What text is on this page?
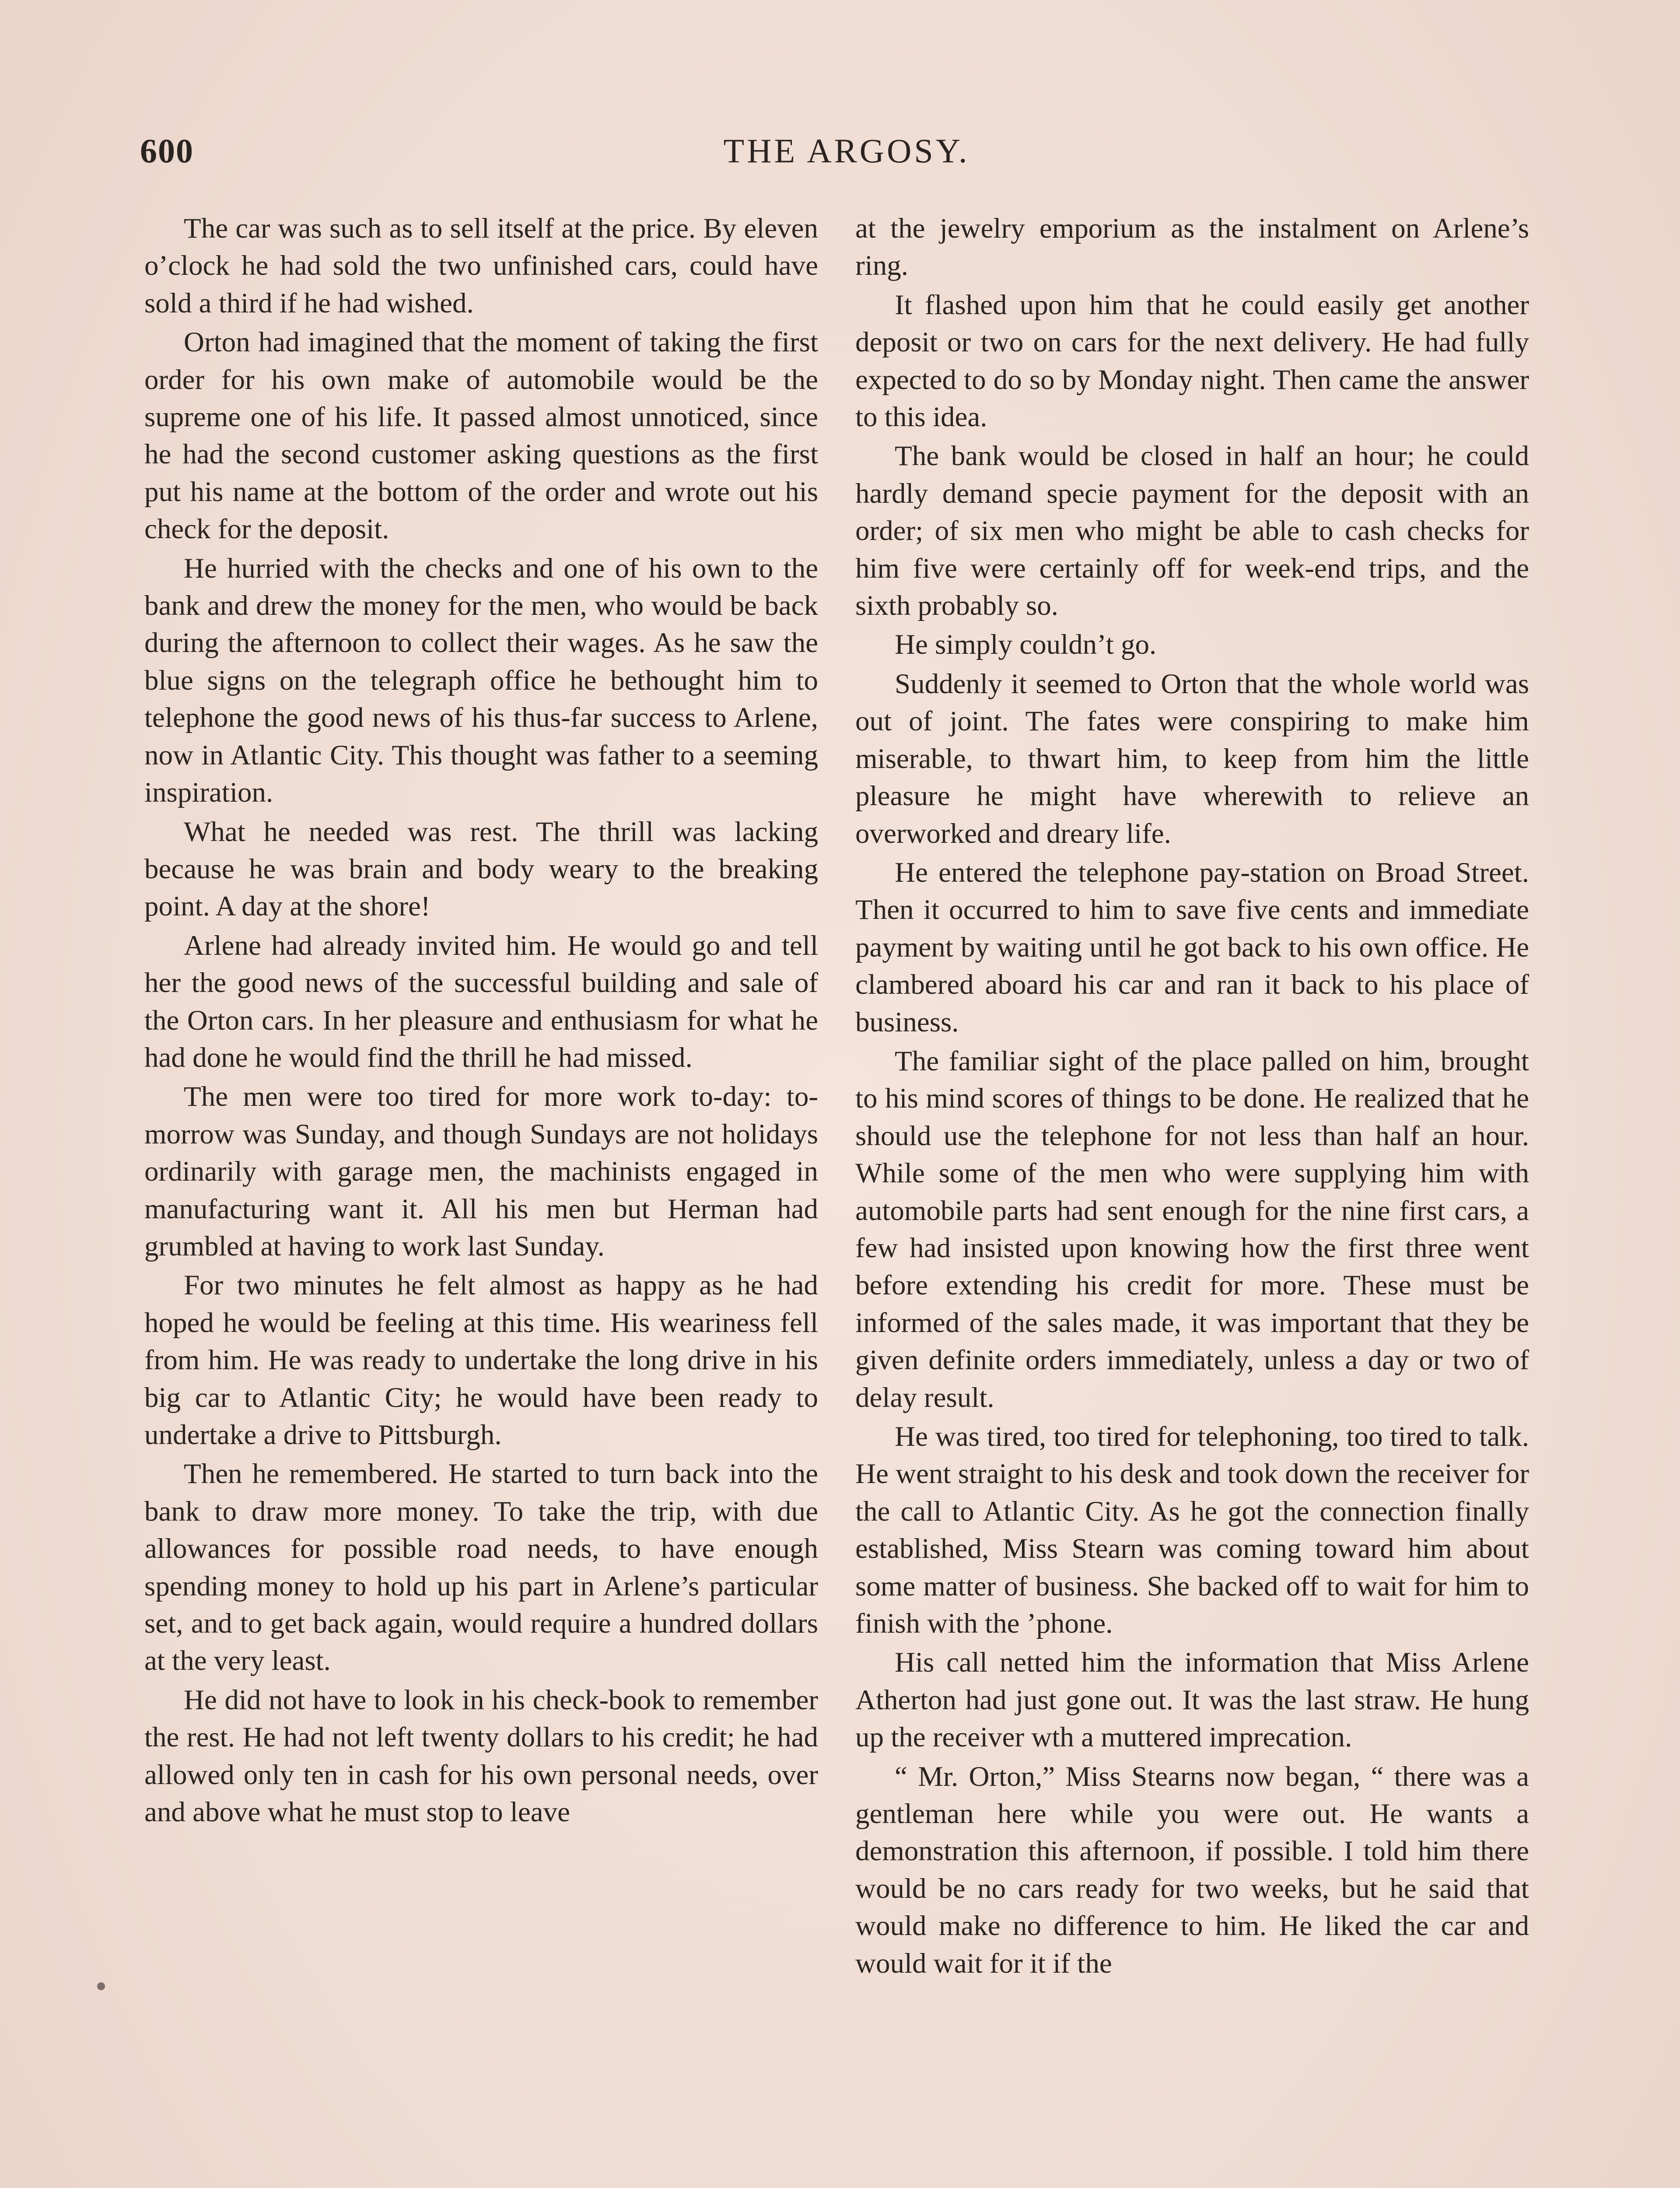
600	THE ARGOSY.

The car was such as to sell itself at the price. By eleven o’clock he had sold the two unfinished cars, could have sold a third if he had wished.

Orton had imagined that the moment of taking the first order for his own make of automobile would be the supreme one of his life. It passed almost unnoticed, since he had the second customer asking questions as the first put his name at the bottom of the order and wrote out his check for the deposit.

He hurried with the checks and one of his own to the bank and drew the money for the men, who would be back during the afternoon to collect their wages. As he saw the blue signs on the telegraph office he bethought him to telephone the good news of his thus-far success to Arlene, now in Atlantic City. This thought was father to a seeming inspiration.

What he needed was rest. The thrill was lacking because he was brain and body weary to the breaking point. A day at the shore!

Arlene had already invited him. He would go and tell her the good news of the successful building and sale of the Orton cars. In her pleasure and enthusiasm for what he had done he would find the thrill he had missed.

The men were too tired for more work to-day: to-morrow was Sunday, and though Sundays are not holidays ordinarily with garage men, the machinists engaged in manufacturing want it. All his men but Herman had grumbled at having to work last Sunday.

For two minutes he felt almost as happy as he had hoped he would be feeling at this time. His weariness fell from him. He was ready to undertake the long drive in his big car to Atlantic City; he would have been ready to undertake a drive to Pittsburgh.

Then he remembered. He started to turn back into the bank to draw more money. To take the trip, with due allowances for possible road needs, to have enough spending money to hold up his part in Arlene’s particular set, and to get back again, would require a hundred dollars at the very least.

He did not have to look in his check-book to remember the rest. He had not left twenty dollars to his credit; he had allowed only ten in cash for his own personal needs, over and above what he must stop to leave

at the jewelry emporium as the instalment on Arlene’s ring.

It flashed upon him that he could easily get another deposit or two on cars for the next delivery. He had fully expected to do so by Monday night. Then came the answer to this idea.

The bank would be closed in half an hour; he could hardly demand specie payment for the deposit with an order; of six men who might be able to cash checks for him five were certainly off for week-end trips, and the sixth probably so.

He simply couldn’t go.

Suddenly it seemed to Orton that the whole world was out of joint. The fates were conspiring to make him miserable, to thwart him, to keep from him the little pleasure he might have wherewith to relieve an overworked and dreary life.

He entered the telephone pay-station on Broad Street. Then it occurred to him to save five cents and immediate payment by waiting until he got back to his own office. He clambered aboard his car and ran it back to his place of business.

The familiar sight of the place palled on him, brought to his mind scores of things to be done. He realized that he should use the telephone for not less than half an hour. While some of the men who were supplying him with automobile parts had sent enough for the nine first cars, a few had insisted upon knowing how the first three went before extending his credit for more. These must be informed of the sales made, it was important that they be given definite orders immediately, unless a day or two of delay result.

He was tired, too tired for telephoning, too tired to talk. He went straight to his desk and took down the receiver for the call to Atlantic City. As he got the connection finally established, Miss Stearn was coming toward him about some matter of business. She backed off to wait for him to finish with the ’phone.

His call netted him the information that Miss Arlene Atherton had just gone out. It was the last straw. He hung up the receiver wth a muttered imprecation.

“ Mr. Orton,” Miss Stearns now began, “ there was a gentleman here while you were out. He wants a demonstration this afternoon, if possible. I told him there would be no cars ready for two weeks, but he said that would make no difference to him. He liked the car and would wait for it if the
